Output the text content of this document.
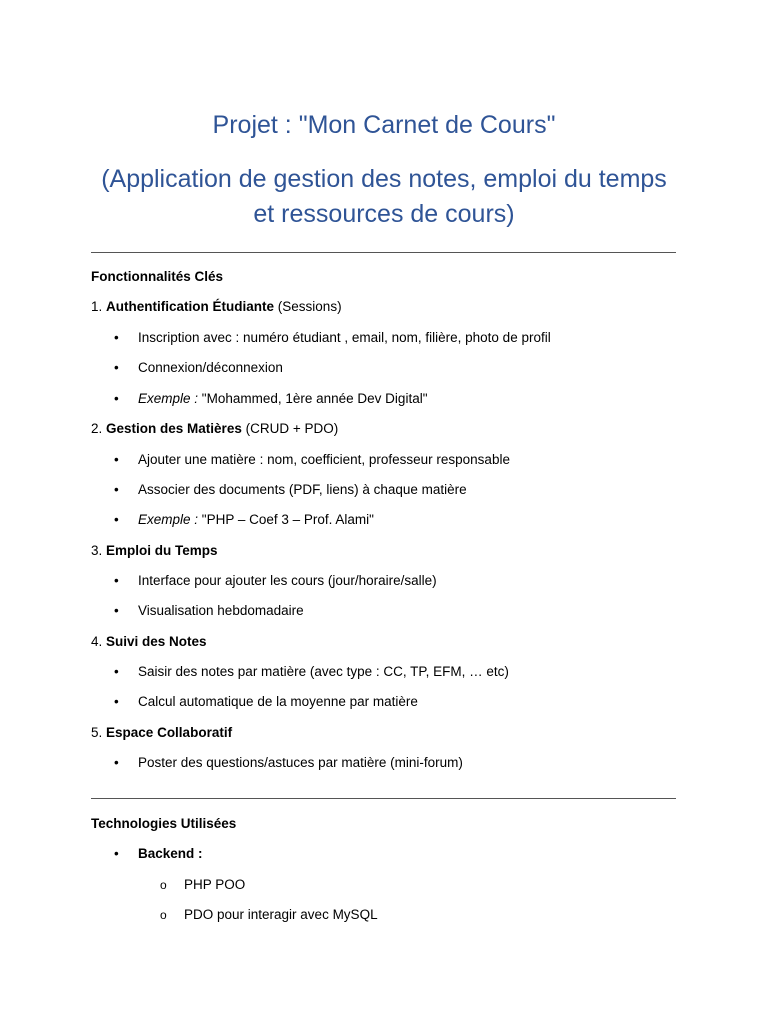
Projet : "Mon Carnet de Cours"
(Application de gestion des notes, emploi du temps et ressources de cours)
Fonctionnalités Clés
1. Authentification Étudiante (Sessions)
• Inscription avec : numéro étudiant , email, nom, filière, photo de profil
• Connexion/déconnexion
• Exemple : "Mohammed, 1ère année Dev Digital"
2. Gestion des Matières (CRUD + PDO)
• Ajouter une matière : nom, coefficient, professeur responsable
• Associer des documents (PDF, liens) à chaque matière
• Exemple : "PHP – Coef 3 – Prof. Alami"
3. Emploi du Temps
• Interface pour ajouter les cours (jour/horaire/salle)
• Visualisation hebdomadaire
4. Suivi des Notes
• Saisir des notes par matière (avec type : CC, TP, EFM, … etc)
• Calcul automatique de la moyenne par matière
5. Espace Collaboratif
• Poster des questions/astuces par matière (mini-forum)
Technologies Utilisées
• Backend :
o PHP POO
o PDO pour interagir avec MySQL
